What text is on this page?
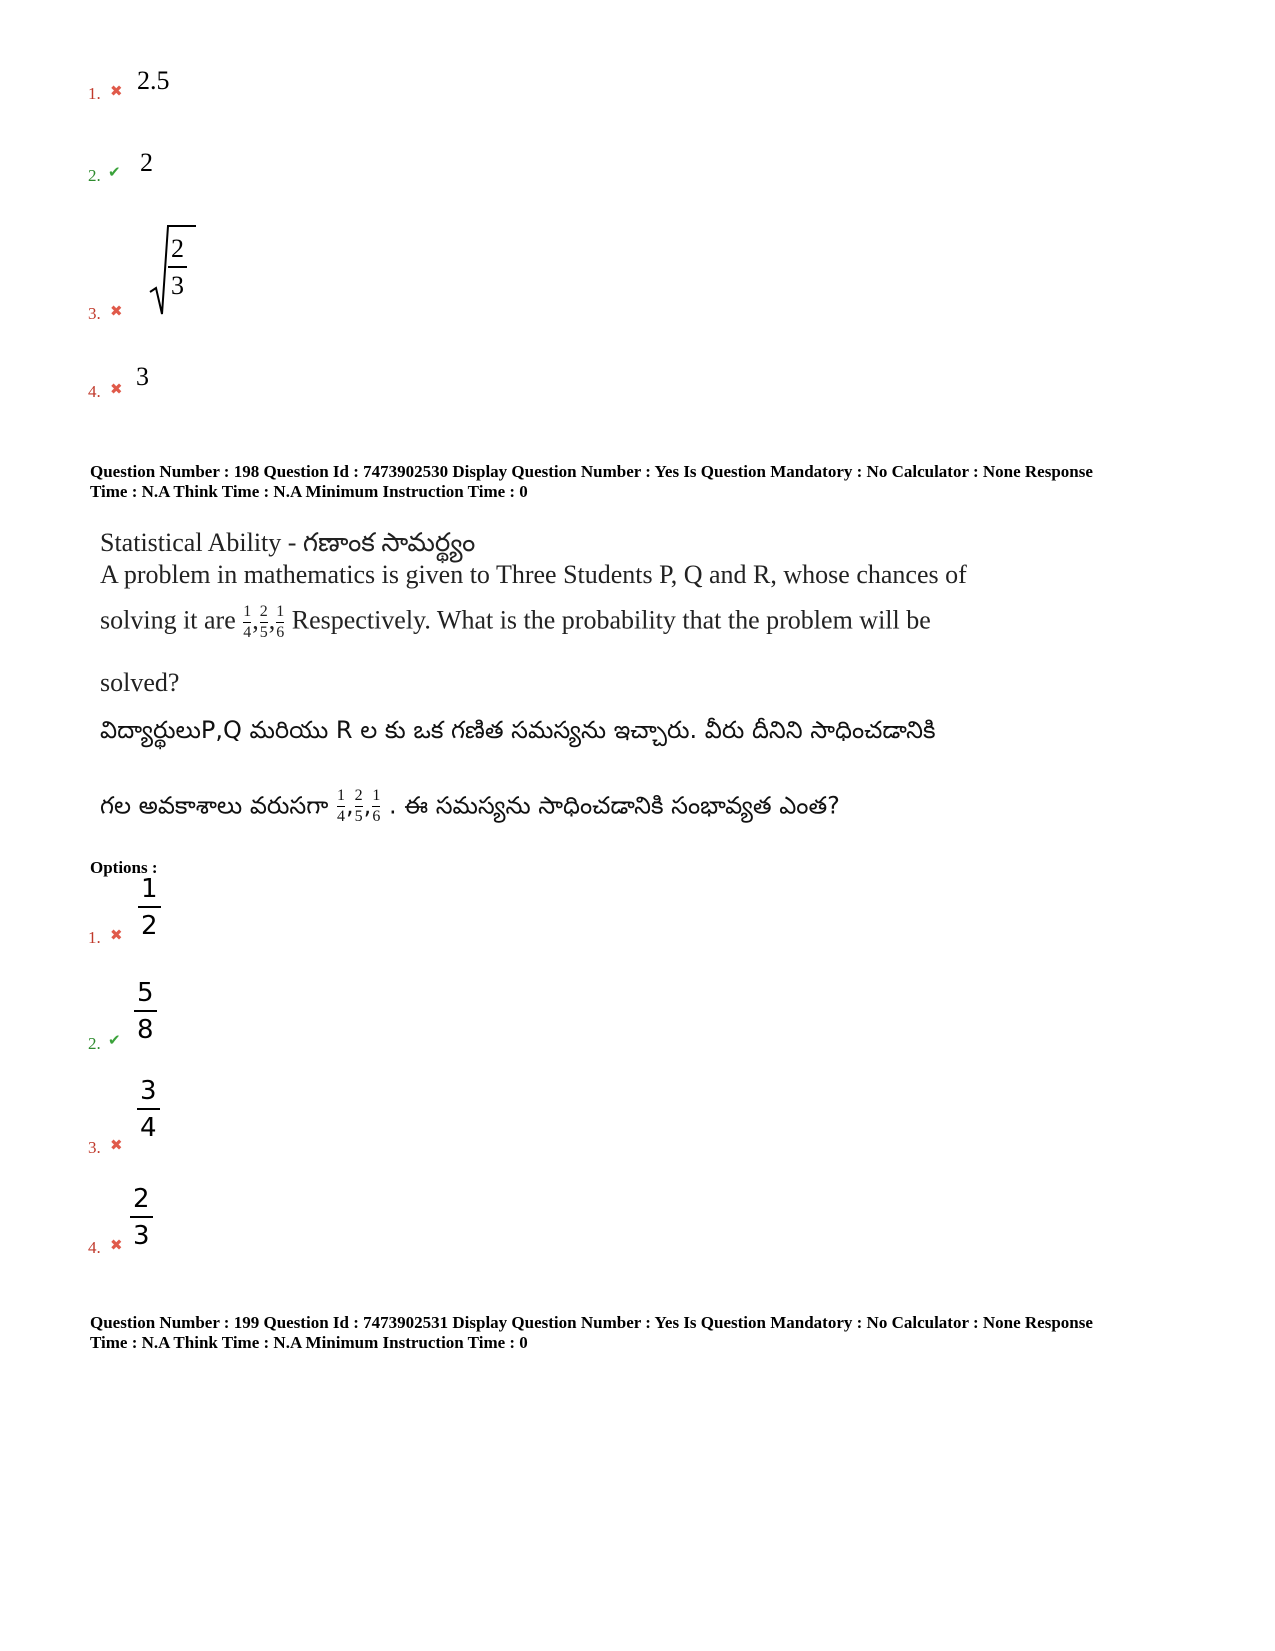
1. ✖ 2.5
2. ✔ 2
3. ✖
2
3
4. ✖ 3
Question Number : 198 Question Id : 7473902530 Display Question Number : Yes Is Question Mandatory : No Calculator : None Response
Time : N.A Think Time : N.A Minimum Instruction Time : 0
Statistical Ability - గణాంక సామర్థ్యం
A problem in mathematics is given to Three Students P, Q and R, whose chances of
solving it are $\frac{1}{4}$ , $\frac{2}{5}$ , $\frac{1}{6}$ Respectively. What is the probability that the problem will be
solved?
విద్యార్థులుP,Q మరియు R ల కు ఒక గణిత సమస్యను ఇచ్చారు. వీరు దీనిని సాధించడానికి
గల అవకాశాలు వరుసగా $\frac{1}{4}$ , $\frac{2}{5}$ , $\frac{1}{6}$ . ఈ సమస్యను సాధించడానికి సంభావ్యత ఎంత?
Options :
1. ✖
1
2
2. ✔
5
8
3. ✖
3
4
4. ✖
2
3
Question Number : 199 Question Id : 7473902531 Display Question Number : Yes Is Question Mandatory : No Calculator : None Response
Time : N.A Think Time : N.A Minimum Instruction Time : 0
